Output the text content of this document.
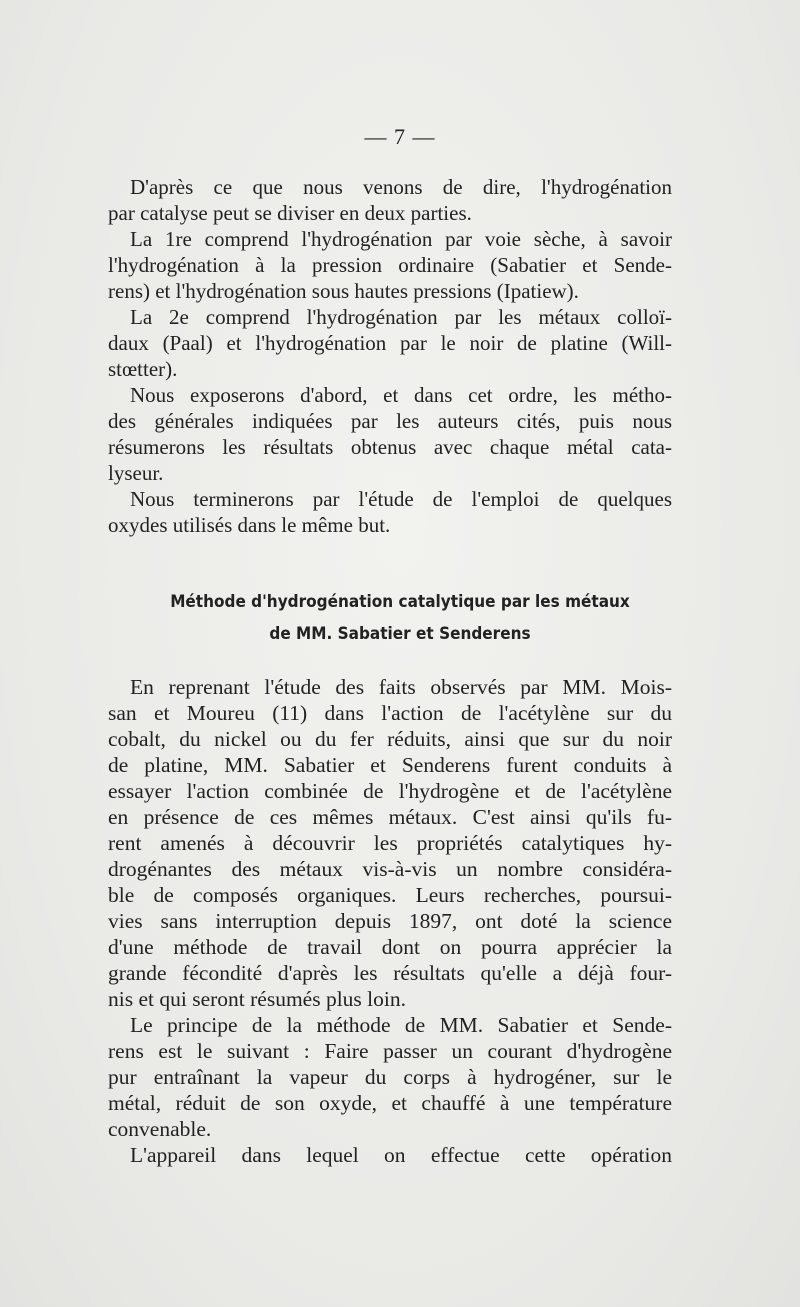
— 7 —
D'après ce que nous venons de dire, l'hydrogénation
par catalyse peut se diviser en deux parties.
La 1re comprend l'hydrogénation par voie sèche, à savoir
l'hydrogénation à la pression ordinaire (Sabatier et Sende-
rens) et l'hydrogénation sous hautes pressions (Ipatiew).
La 2e comprend l'hydrogénation par les métaux colloï-
daux (Paal) et l'hydrogénation par le noir de platine (Will-
stœtter).
Nous exposerons d'abord, et dans cet ordre, les métho-
des générales indiquées par les auteurs cités, puis nous
résumerons les résultats obtenus avec chaque métal cata-
lyseur.
Nous terminerons par l'étude de l'emploi de quelques
oxydes utilisés dans le même but.
Méthode d'hydrogénation catalytique par les métaux
de MM. Sabatier et Senderens
En reprenant l'étude des faits observés par MM. Mois-
san et Moureu (11) dans l'action de l'acétylène sur du
cobalt, du nickel ou du fer réduits, ainsi que sur du noir
de platine, MM. Sabatier et Senderens furent conduits à
essayer l'action combinée de l'hydrogène et de l'acétylène
en présence de ces mêmes métaux. C'est ainsi qu'ils fu-
rent amenés à découvrir les propriétés catalytiques hy-
drogénantes des métaux vis-à-vis un nombre considéra-
ble de composés organiques. Leurs recherches, poursui-
vies sans interruption depuis 1897, ont doté la science
d'une méthode de travail dont on pourra apprécier la
grande fécondité d'après les résultats qu'elle a déjà four-
nis et qui seront résumés plus loin.
Le principe de la méthode de MM. Sabatier et Sende-
rens est le suivant : Faire passer un courant d'hydrogène
pur entraînant la vapeur du corps à hydrogéner, sur le
métal, réduit de son oxyde, et chauffé à une température
convenable.
L'appareil dans lequel on effectue cette opération
